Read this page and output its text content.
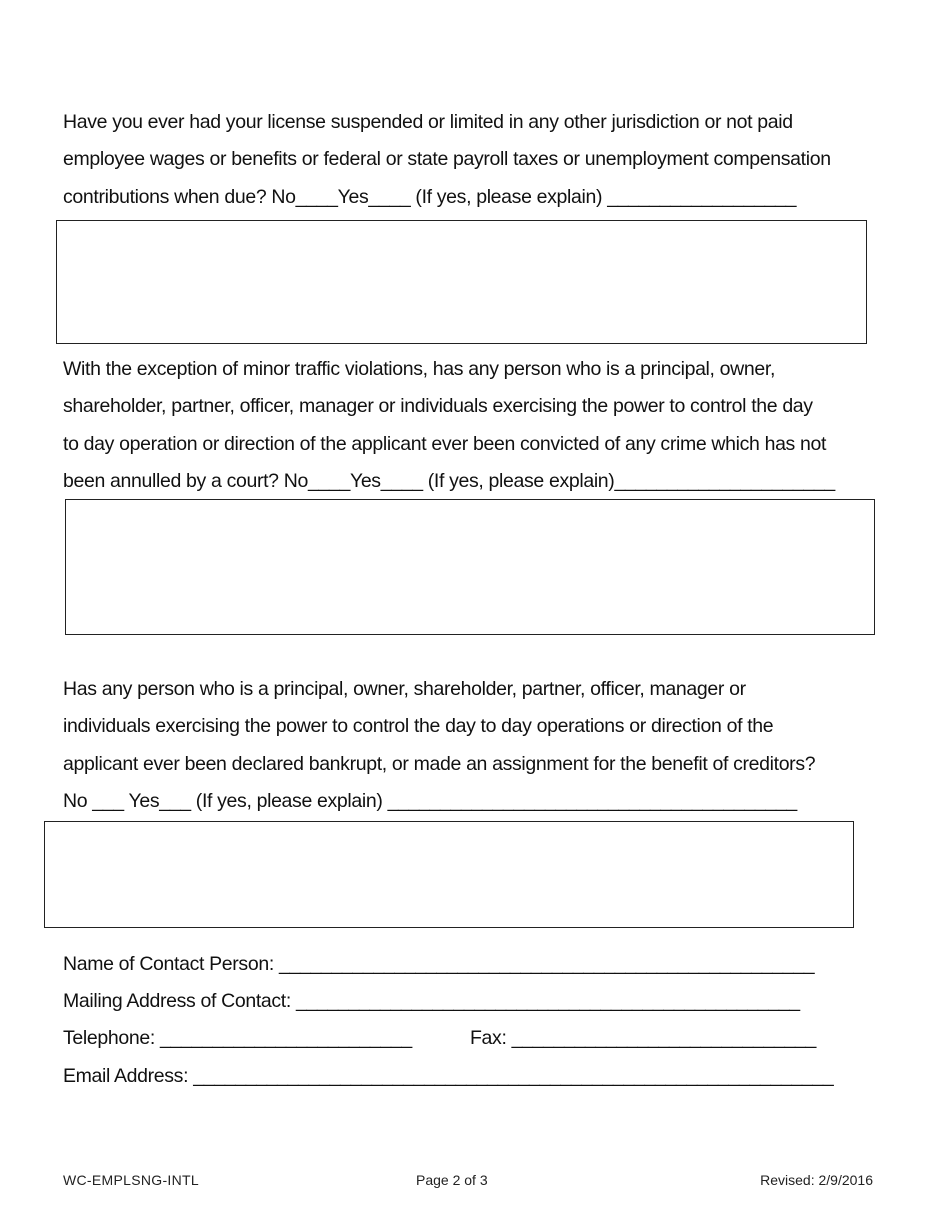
Have you ever had your license suspended or limited in any other jurisdiction or not paid
employee wages or benefits or federal or state payroll taxes or unemployment compensation
contributions when due? No____Yes____ (If yes, please explain) __________________
With the exception of minor traffic violations, has any person who is a principal, owner,
shareholder, partner, officer, manager or individuals exercising the power to control the day
to day operation or direction of the applicant ever been convicted of any crime which has not
been annulled by a court? No____Yes____ (If yes, please explain)_____________________
Has any person who is a principal, owner, shareholder, partner, officer, manager or
individuals exercising the power to control the day to day operations or direction of the
applicant ever been declared bankrupt, or made an assignment for the benefit of creditors?
No ___ Yes___ (If yes, please explain) _______________________________________
Name of Contact Person: ___________________________________________________
Mailing Address of Contact: ________________________________________________
Telephone: ________________________	Fax: _____________________________
Email Address: _____________________________________________________________
WC-EMPLSNG-INTL	Page 2 of 3	Revised: 2/9/2016
